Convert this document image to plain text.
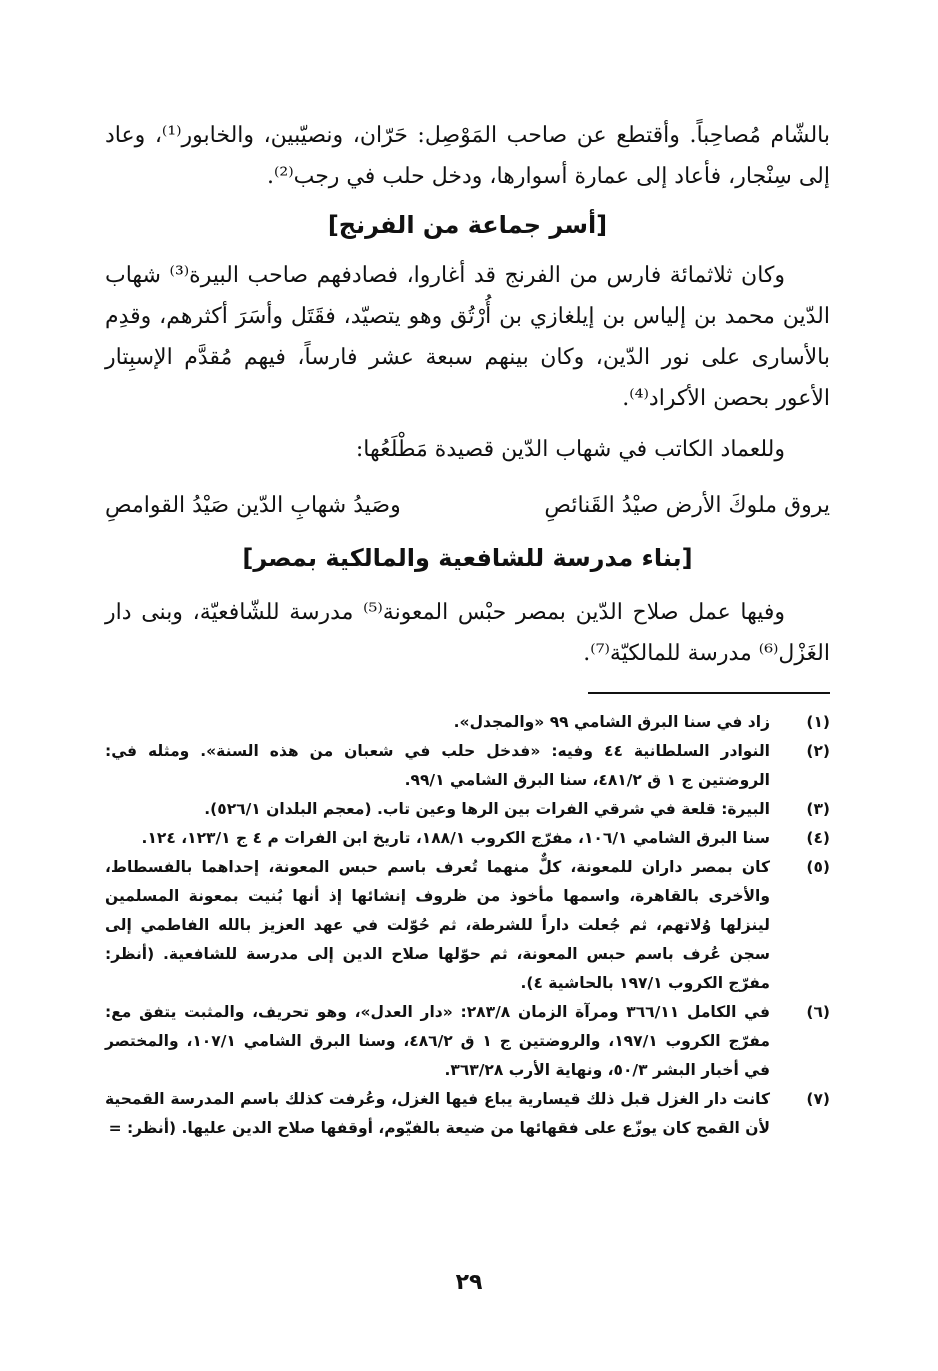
بالشّام مُصاحِباً. وأقتطع عن صاحب المَوْصِل: حَرّان، ونصيّبين، والخابور⁽¹⁾، وعاد إلى سِنْجار، فأعاد إلى عمارة أسوارها، ودخل حلب في رجب⁽²⁾.

[أسر جماعة من الفرنج]

وكان ثلاثمائة فارس من الفرنج قد أغاروا، فصادفهم صاحب البيرة⁽³⁾ شهاب الدّين محمد بن إلياس بن إيلغازي بن أُرْتُق وهو يتصيّد، فقَتَل وأسَرَ أكثرهم، وقدِم بالأسارى على نور الدّين، وكان بينهم سبعة عشر فارساً، فيهم مُقدَّم الإسبِتار الأعور بحصن الأكراد⁽⁴⁾.

وللعماد الكاتب في شهاب الدّين قصيدة مَطْلَعُها:

يروق ملوكَ الأرض صيْدُ القَنائصِ
وصَيدُ شهابِ الدّين صَيْدُ القوامصِ
[بناء مدرسة للشافعية والمالكية بمصر]

وفيها عمل صلاح الدّين بمصر حبْس المعونة⁽⁵⁾ مدرسة للشّافعيّة، وبنى دار الغَزْل⁽⁶⁾ مدرسة للمالكيّة⁽⁷⁾.

(١)
زاد في سنا البرق الشامي ٩٩ «والمجدل».
(٢)
النوادر السلطانية ٤٤ وفيه: «فدخل حلب في شعبان من هذه السنة». ومثله في: الروضتين ج ١ ق ٤٨١/٢، سنا البرق الشامي ٩٩/١.
(٣)
البيرة: قلعة في شرقي الفرات بين الرها وعين تاب. (معجم البلدان ٥٢٦/١).
(٤)
سنا البرق الشامي ١٠٦/١، مفرّج الكروب ١٨٨/١، تاريخ ابن الفرات م ٤ ج ١٢٣/١، ١٢٤.
(٥)
كان بمصر داران للمعونة، كلٌّ منهما تُعرف باسم حبس المعونة، إحداهما بالفسطاط، والأخرى بالقاهرة، واسمها مأخوذ من ظروف إنشائها إذ أنها بُنيت بمعونة المسلمين لينزلها وُلاتهم، ثم جُعلت داراً للشرطة، ثم حُوّلت في عهد العزيز بالله الفاطمي إلى سجن عُرف باسم حبس المعونة، ثم حوّلها صلاح الدين إلى مدرسة للشافعية. (أنظر: مفرّج الكروب ١٩٧/١ بالحاشية ٤).
(٦)
في الكامل ٣٦٦/١١ ومرآة الزمان ٢٨٣/٨: «دار العدل»، وهو تحريف، والمثبت يتفق مع: مفرّج الكروب ١٩٧/١، والروضتين ج ١ ق ٤٨٦/٢، وسنا البرق الشامي ١٠٧/١، والمختصر في أخبار البشر ٥٠/٣، ونهاية الأرب ٣٦٣/٢٨.
(٧)
كانت دار الغزل قبل ذلك قيسارية يباع فيها الغزل، وعُرفت كذلك باسم المدرسة القمحية لأن القمح كان يوزّع على فقهائها من ضيعة بالفيّوم، أوقفها صلاح الدين عليها. (أنظر: =
٢٩
